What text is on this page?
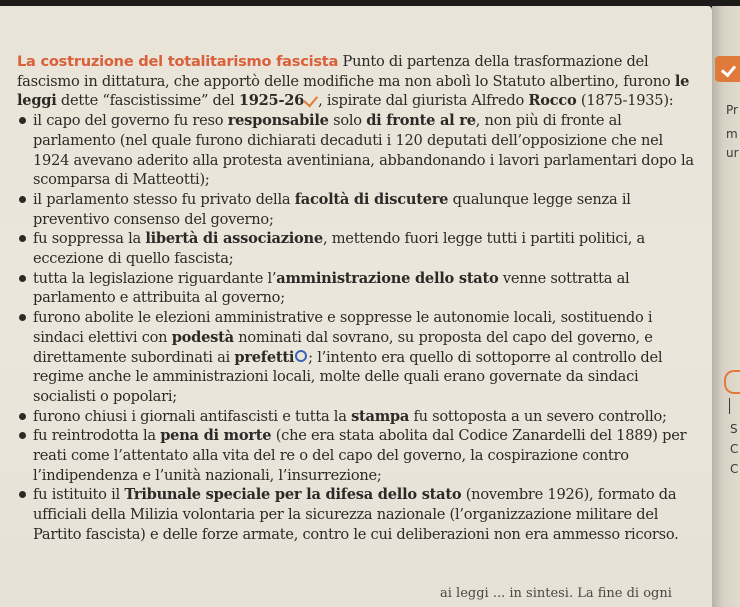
Pr
m
ur
S
C
C

La costruzione del totalitarismo fascista Punto di partenza della trasformazione del fascismo in dittatura, che apportò delle modifiche ma non abolì lo Statuto albertino, furono le leggi dette “fascistissime” del 1925-26 , ispirate dal giurista Alfredo Rocco (1875-1935):

il capo del governo fu reso responsabile solo di fronte al re, non più di fronte al parlamento (nel quale furono dichiarati decaduti i 120 deputati dell’opposizione che nel 1924 avevano aderito alla protesta aventiniana, abbandonando i lavori parlamentari dopo la scomparsa di Matteotti);
il parlamento stesso fu privato della facoltà di discutere qualunque legge senza il preventivo consenso del governo;
fu soppressa la libertà di associazione, mettendo fuori legge tutti i partiti politici, a eccezione di quello fascista;
tutta la legislazione riguardante l’amministrazione dello stato venne sottratta al parlamento e attribuita al governo;
furono abolite le elezioni amministrative e soppresse le autonomie locali, sostituendo i sindaci elettivi con podestà nominati dal sovrano, su proposta del capo del governo, e direttamente subordinati ai prefetti ; l’intento era quello di sottoporre al controllo del regime anche le amministrazioni locali, molte delle quali erano governate da sindaci socialisti o popolari;
furono chiusi i giornali antifascisti e tutta la stampa fu sottoposta a un severo controllo;
fu reintrodotta la pena di morte (che era stata abolita dal Codice Zanardelli del 1889) per reati come l’attentato alla vita del re o del capo del governo, la cospirazione contro l’indipendenza e l’unità nazionali, l’insurrezione;
fu istituito il Tribunale speciale per la difesa dello stato (novembre 1926), formato da ufficiali della Milizia volontaria per la sicurezza nazionale (l’organizzazione militare del Partito fascista) e delle forze armate, contro le cui deliberazioni non era ammesso ricorso.
ai leggi ... in sintesi. La fine di ogni
